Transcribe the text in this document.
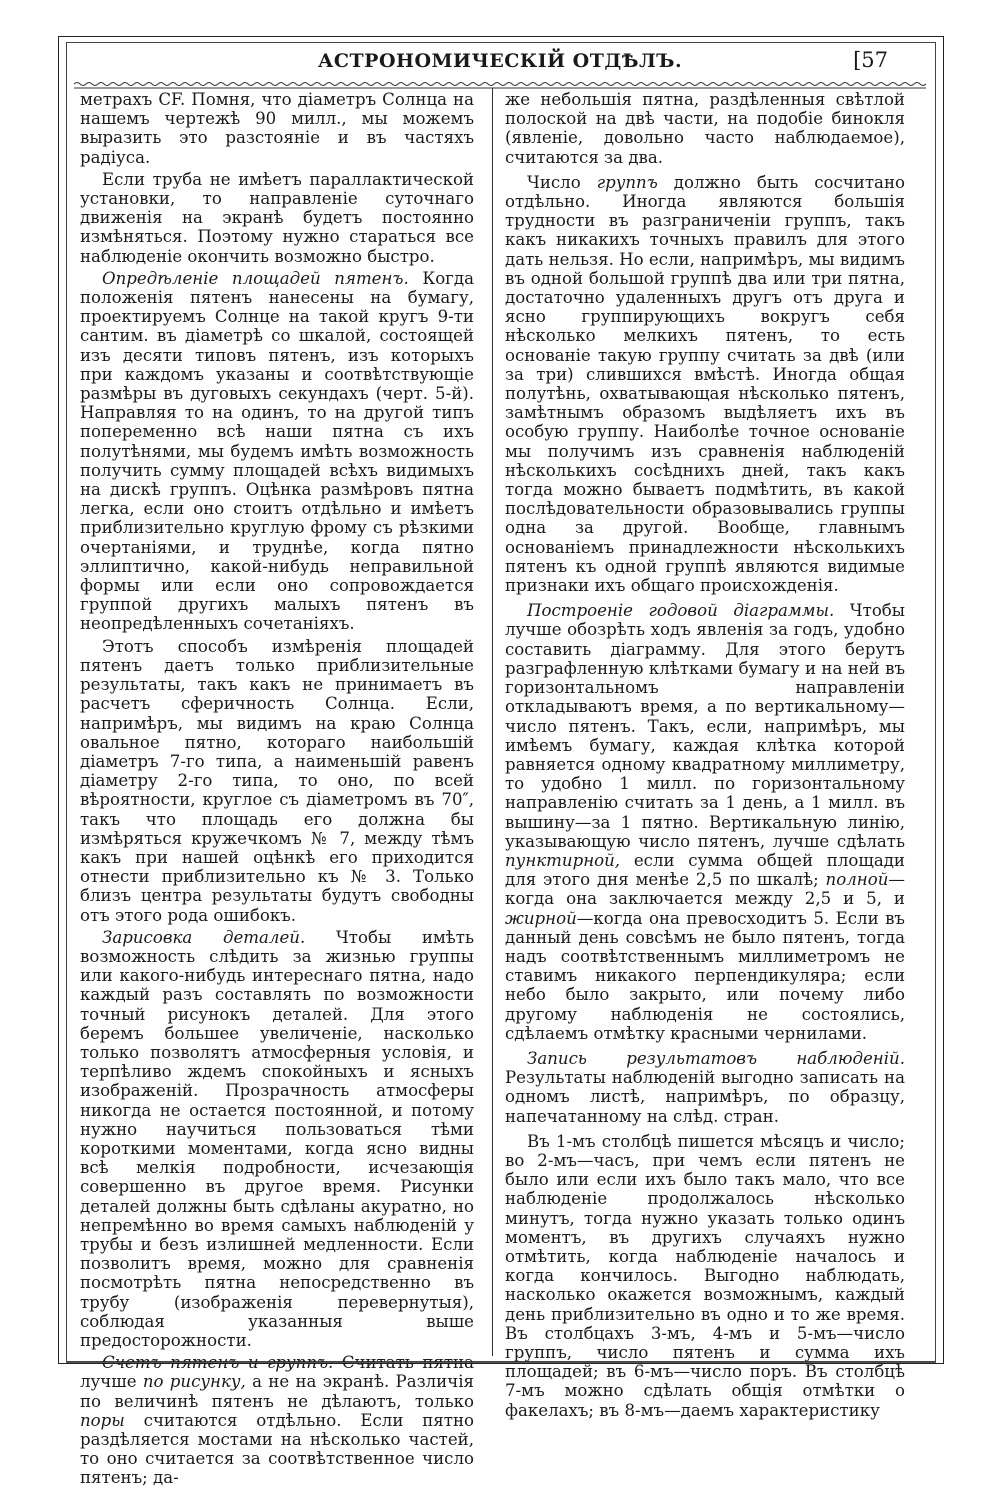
АСТРОНОМИЧЕСКІЙ ОТДѢЛЪ.	[57

метрахъ CF. Помня, что діаметръ Солнца на нашемъ чертежѣ 90 милл., мы можемъ выразить это разстояніе и въ частяхъ радіуса.

Если труба не имѣетъ параллактической установки, то направленіе суточнаго движенія на экранѣ будетъ постоянно измѣняться. Поэтому нужно стараться все наблюденіе окончить возможно быстро.

Опредѣленіе площадей пятенъ. Когда положенія пятенъ нанесены на бумагу, проектируемъ Солнце на такой кругъ 9-ти сантим. въ діаметрѣ со шкалой, состоящей изъ десяти типовъ пятенъ, изъ которыхъ при каждомъ указаны и соотвѣтствующіе размѣры въ дуговыхъ секундахъ (черт. 5-й). Направляя то на одинъ, то на другой типъ попеременно всѣ наши пятна съ ихъ полутѣнями, мы будемъ имѣть возможность получить сумму площадей всѣхъ видимыхъ на дискѣ группъ. Оцѣнка размѣровъ пятна легка, если оно стоитъ отдѣльно и имѣетъ приблизительно круглую фрому съ рѣзкими очертаніями, и труднѣе, когда пятно эллиптично, какой-нибудь неправильной формы или если оно сопровождается группой другихъ малыхъ пятенъ въ неопредѣленныхъ сочетаніяхъ.

Этотъ способъ измѣренія площадей пятенъ даетъ только приблизительные результаты, такъ какъ не принимаетъ въ расчетъ сферичность Солнца. Если, напримѣръ, мы видимъ на краю Солнца овальное пятно, котораго наибольшій діаметръ 7-го типа, а наименьшій равенъ діаметру 2-го типа, то оно, по всей вѣроятности, круглое съ діаметромъ въ 70″, такъ что площадь его должна бы измѣряться кружечкомъ № 7, между тѣмъ какъ при нашей оцѣнкѣ его приходится отнести приблизительно къ № 3. Только близъ центра результаты будутъ свободны отъ этого рода ошибокъ.

Зарисовка деталей. Чтобы имѣть возможность слѣдить за жизнью группы или какого-нибудь интереснаго пятна, надо каждый разъ составлять по возможности точный рисунокъ деталей. Для этого беремъ большее увеличеніе, насколько только позволятъ атмосферныя условія, и терпѣливо ждемъ спокойныхъ и ясныхъ изображеній. Прозрачность атмосферы никогда не остается постоянной, и потому нужно научиться пользоваться тѣми короткими моментами, когда ясно видны всѣ мелкія подробности, исчезающія совершенно въ другое время. Рисунки деталей должны быть сдѣланы акуратно, но непремѣнно во время самыхъ наблюденій у трубы и безъ излишней медленности. Если позволитъ время, можно для сравненія посмотрѣть пятна непосредственно въ трубу (изображенія перевернутыя), соблюдая указанныя выше предосторожности.

Счетъ пятенъ и группъ. Считать пятна лучше по рисунку, а не на экранѣ. Различія по величинѣ пятенъ не дѣлаютъ, только поры считаются отдѣльно. Если пятно раздѣляется мостами на нѣсколько частей, то оно считается за соотвѣтственное число пятенъ; да-

же небольшія пятна, раздѣленныя свѣтлой полоской на двѣ части, на подобіе бинокля (явленіе, довольно часто наблюдаемое), считаются за два.

Число группъ должно быть сосчитано отдѣльно. Иногда являются большія трудности въ разграниченіи группъ, такъ какъ никакихъ точныхъ правилъ для этого дать нельзя. Но если, напримѣръ, мы видимъ въ одной большой группѣ два или три пятна, достаточно удаленныхъ другъ отъ друга и ясно группирующихъ вокругъ себя нѣсколько мелкихъ пятенъ, то есть основаніе такую группу считать за двѣ (или за три) слившихся вмѣстѣ. Иногда общая полутѣнь, охватывающая нѣсколько пятенъ, замѣтнымъ образомъ выдѣляетъ ихъ въ особую группу. Наиболѣе точное основаніе мы получимъ изъ сравненія наблюденій нѣсколькихъ сосѣднихъ дней, такъ какъ тогда можно бываетъ подмѣтить, въ какой послѣдовательности образовывались группы одна за другой. Вообще, главнымъ основаніемъ принадлежности нѣсколькихъ пятенъ къ одной группѣ являются видимые признаки ихъ общаго происхожденія.

Построеніе годовой діаграммы. Чтобы лучше обозрѣть ходъ явленія за годъ, удобно составить діаграмму. Для этого берутъ разграфленную клѣтками бумагу и на ней въ горизонтальномъ направленіи откладываютъ время, а по вертикальному—число пятенъ. Такъ, если, напримѣръ, мы имѣемъ бумагу, каждая клѣтка которой равняется одному квадратному миллиметру, то удобно 1 милл. по горизонтальному направленію считать за 1 день, а 1 милл. въ вышину—за 1 пятно. Вертикальную линію, указывающую число пятенъ, лучше сдѣлать пунктирной, если сумма общей площади для этого дня менѣе 2,5 по шкалѣ; полной—когда она заключается между 2,5 и 5, и жирной—когда она превосходитъ 5. Если въ данный день совсѣмъ не было пятенъ, тогда надъ соотвѣтственнымъ миллиметромъ не ставимъ никакого перпендикуляра; если небо было закрыто, или почему либо другому наблюденія не состоялись, сдѣлаемъ отмѣтку красными чернилами.

Запись результатовъ наблюденій. Результаты наблюденій выгодно записать на одномъ листѣ, напримѣръ, по образцу, напечатанному на слѣд. стран.

Въ 1-мъ столбцѣ пишется мѣсяцъ и число; во 2-мъ—часъ, при чемъ если пятенъ не было или если ихъ было такъ мало, что все наблюденіе продолжалось нѣсколько минутъ, тогда нужно указать только одинъ моментъ, въ другихъ случаяхъ нужно отмѣтить, когда наблюденіе началось и когда кончилось. Выгодно наблюдать, насколько окажется возможнымъ, каждый день приблизительно въ одно и то же время. Въ столбцахъ 3-мъ, 4-мъ и 5-мъ—число группъ, число пятенъ и сумма ихъ площадей; въ 6-мъ—число поръ. Въ столбцѣ 7-мъ можно сдѣлать общія отмѣтки о факелахъ; въ 8-мъ—даемъ характеристику
